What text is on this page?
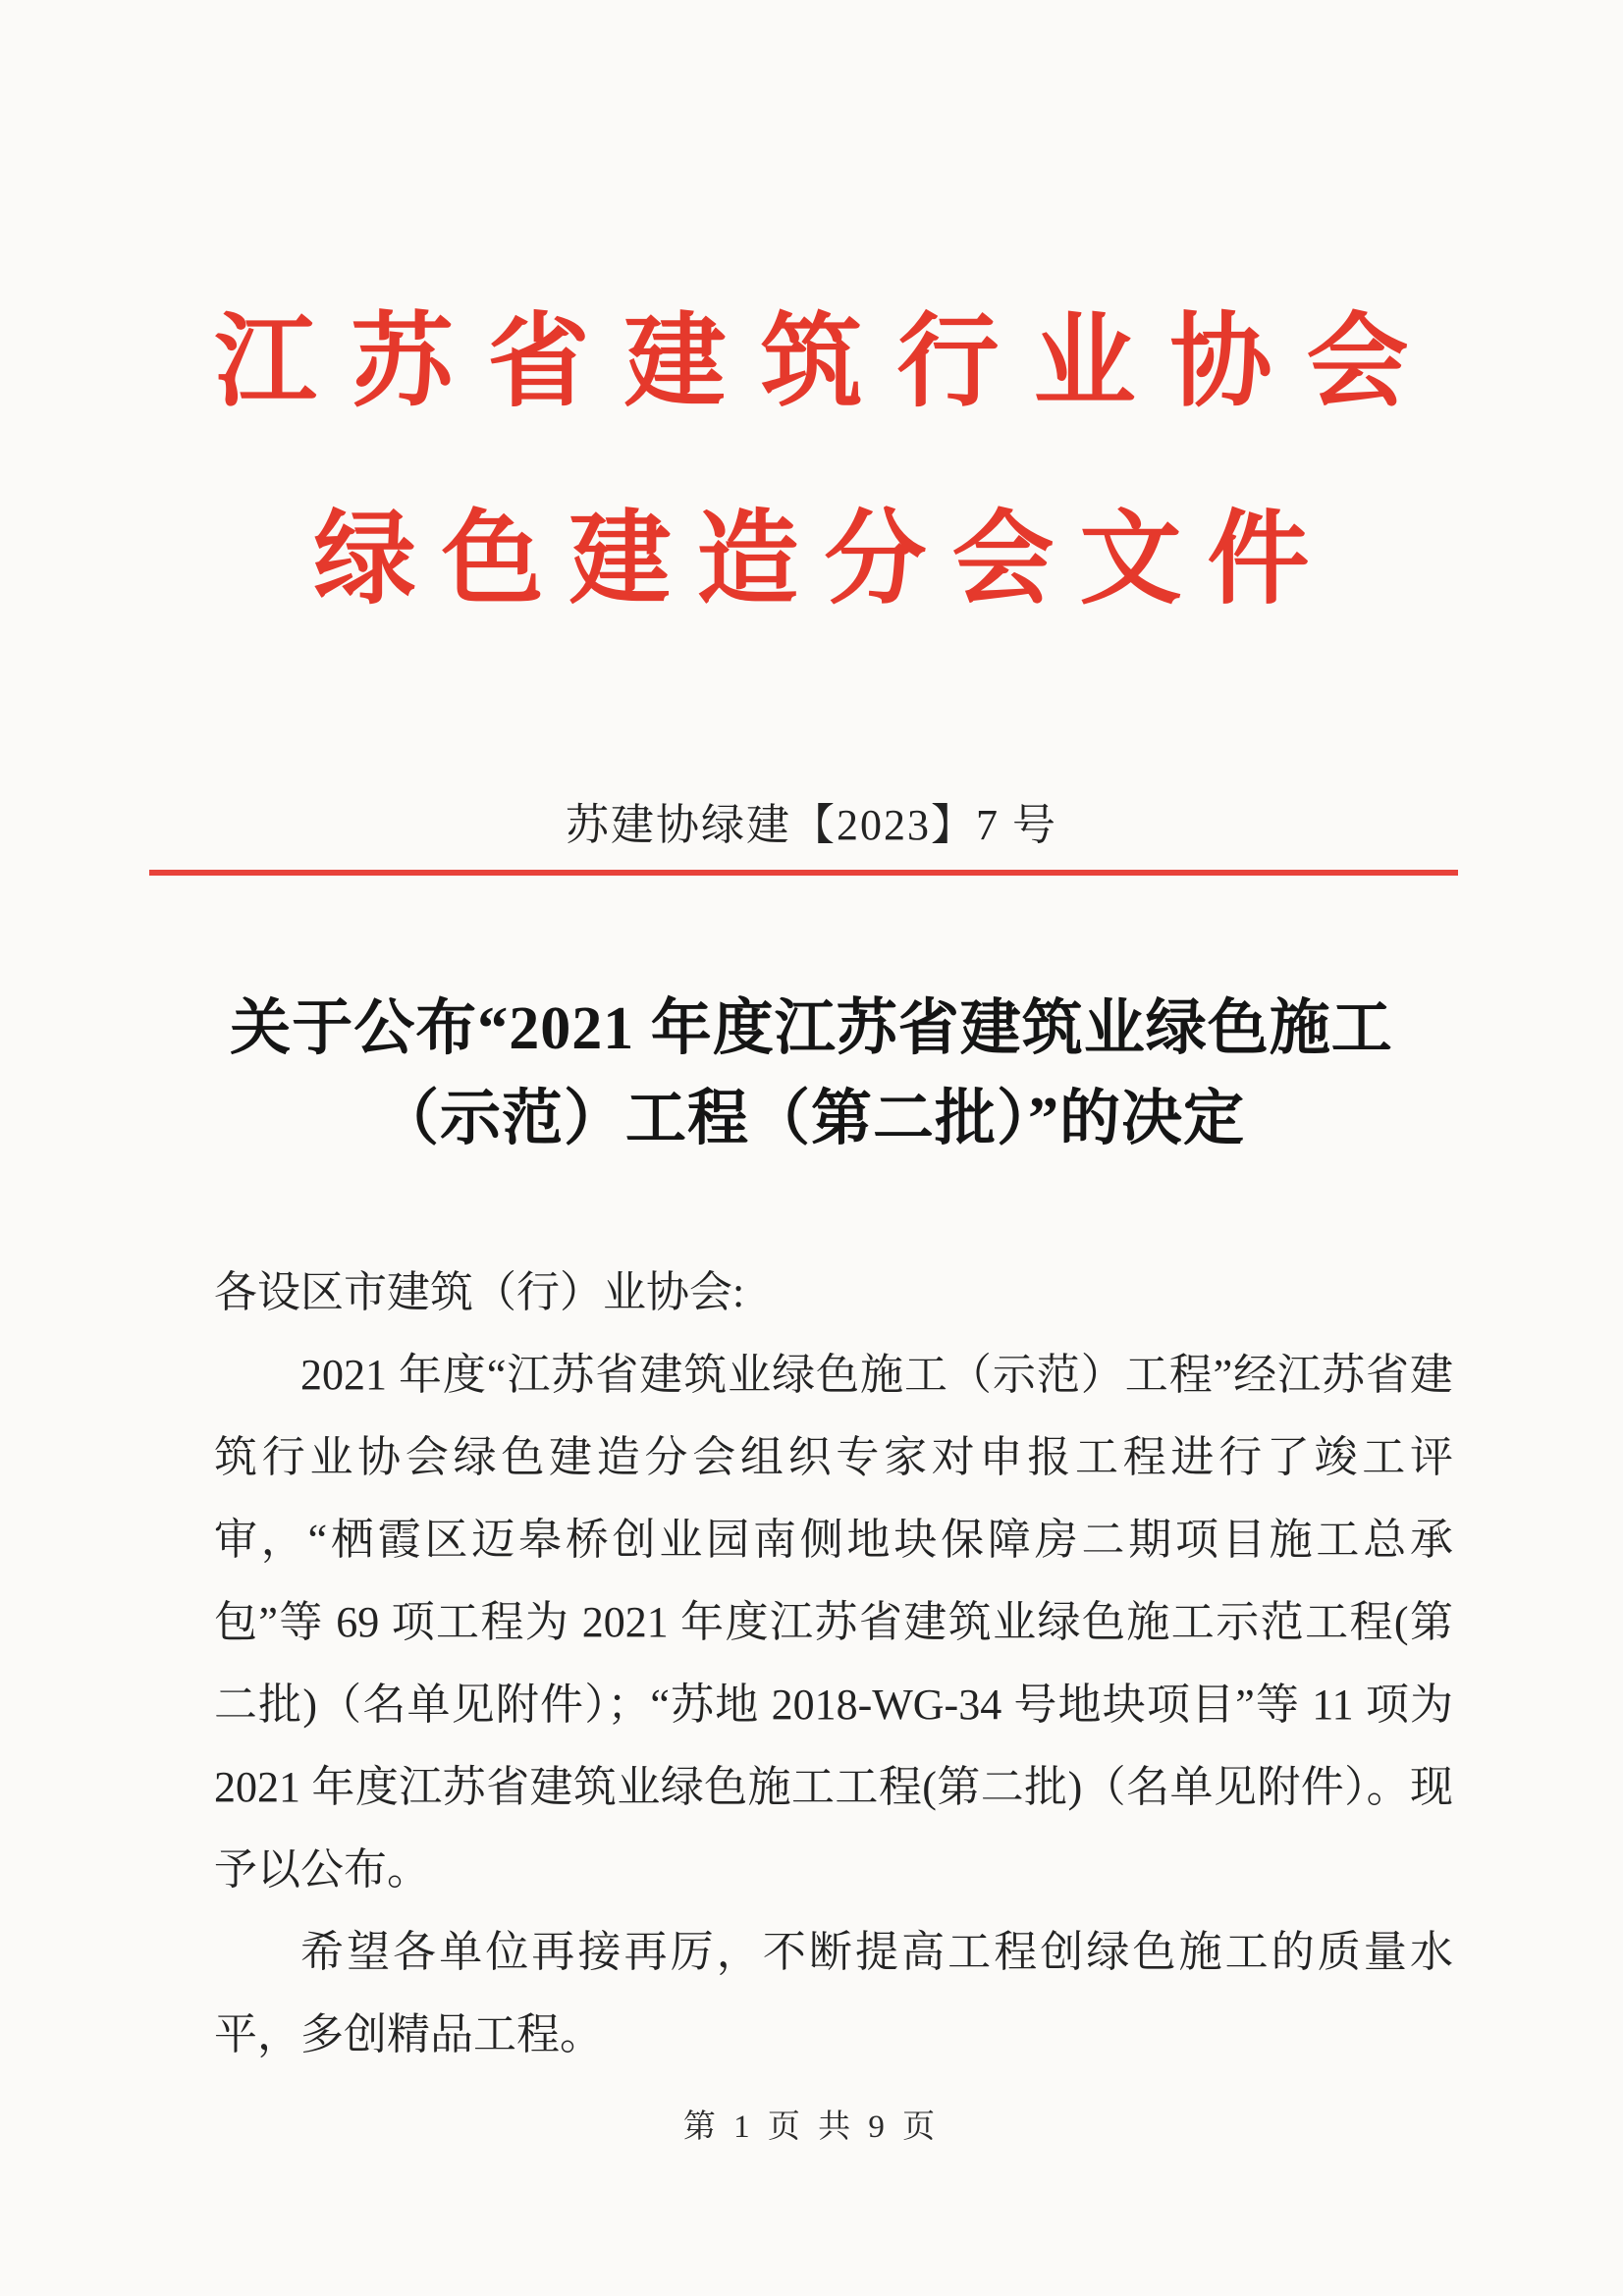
江苏省建筑行业协会
绿色建造分会文件
苏建协绿建【2023】7 号
关于公布“2021 年度江苏省建筑业绿色施工
（示范）工程（第二批）”的决定

各设区市建筑（行）业协会:

2021 年度“江苏省建筑业绿色施工（示范）工程”经江苏省建筑行业协会绿色建造分会组织专家对申报工程进行了竣工评审，“栖霞区迈皋桥创业园南侧地块保障房二期项目施工总承包”等 69 项工程为 2021 年度江苏省建筑业绿色施工示范工程(第二批)（名单见附件）；“苏地 2018-WG-34 号地块项目”等 11 项为 2021 年度江苏省建筑业绿色施工工程(第二批)（名单见附件）。现予以公布。

希望各单位再接再厉，不断提高工程创绿色施工的质量水平，多创精品工程。

第 1 页 共 9 页
